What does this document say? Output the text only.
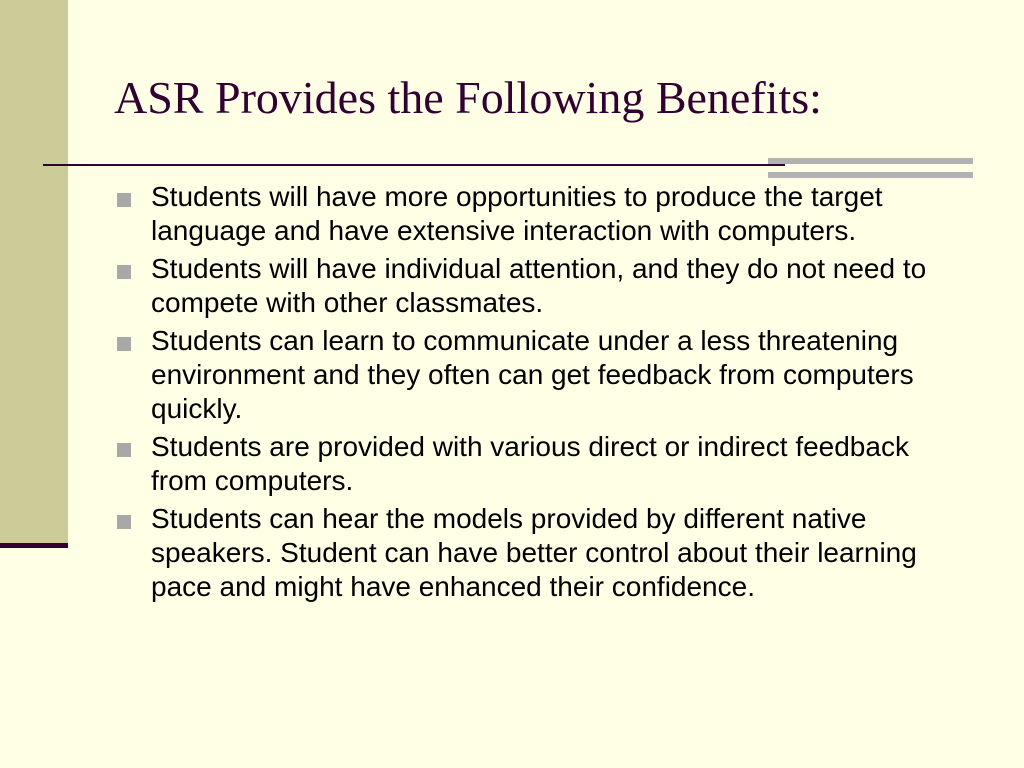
ASR Provides the Following Benefits:
Students will have more opportunities to produce the target language and have extensive interaction with computers.
Students will have individual attention, and they do not need to compete with other classmates.
Students can learn to communicate under a less threatening environment and they often can get feedback from computers quickly.
Students are provided with various direct or indirect feedback from computers.
Students can hear the models provided by different native speakers. Student can have better control about their learning pace and might have enhanced their confidence.
